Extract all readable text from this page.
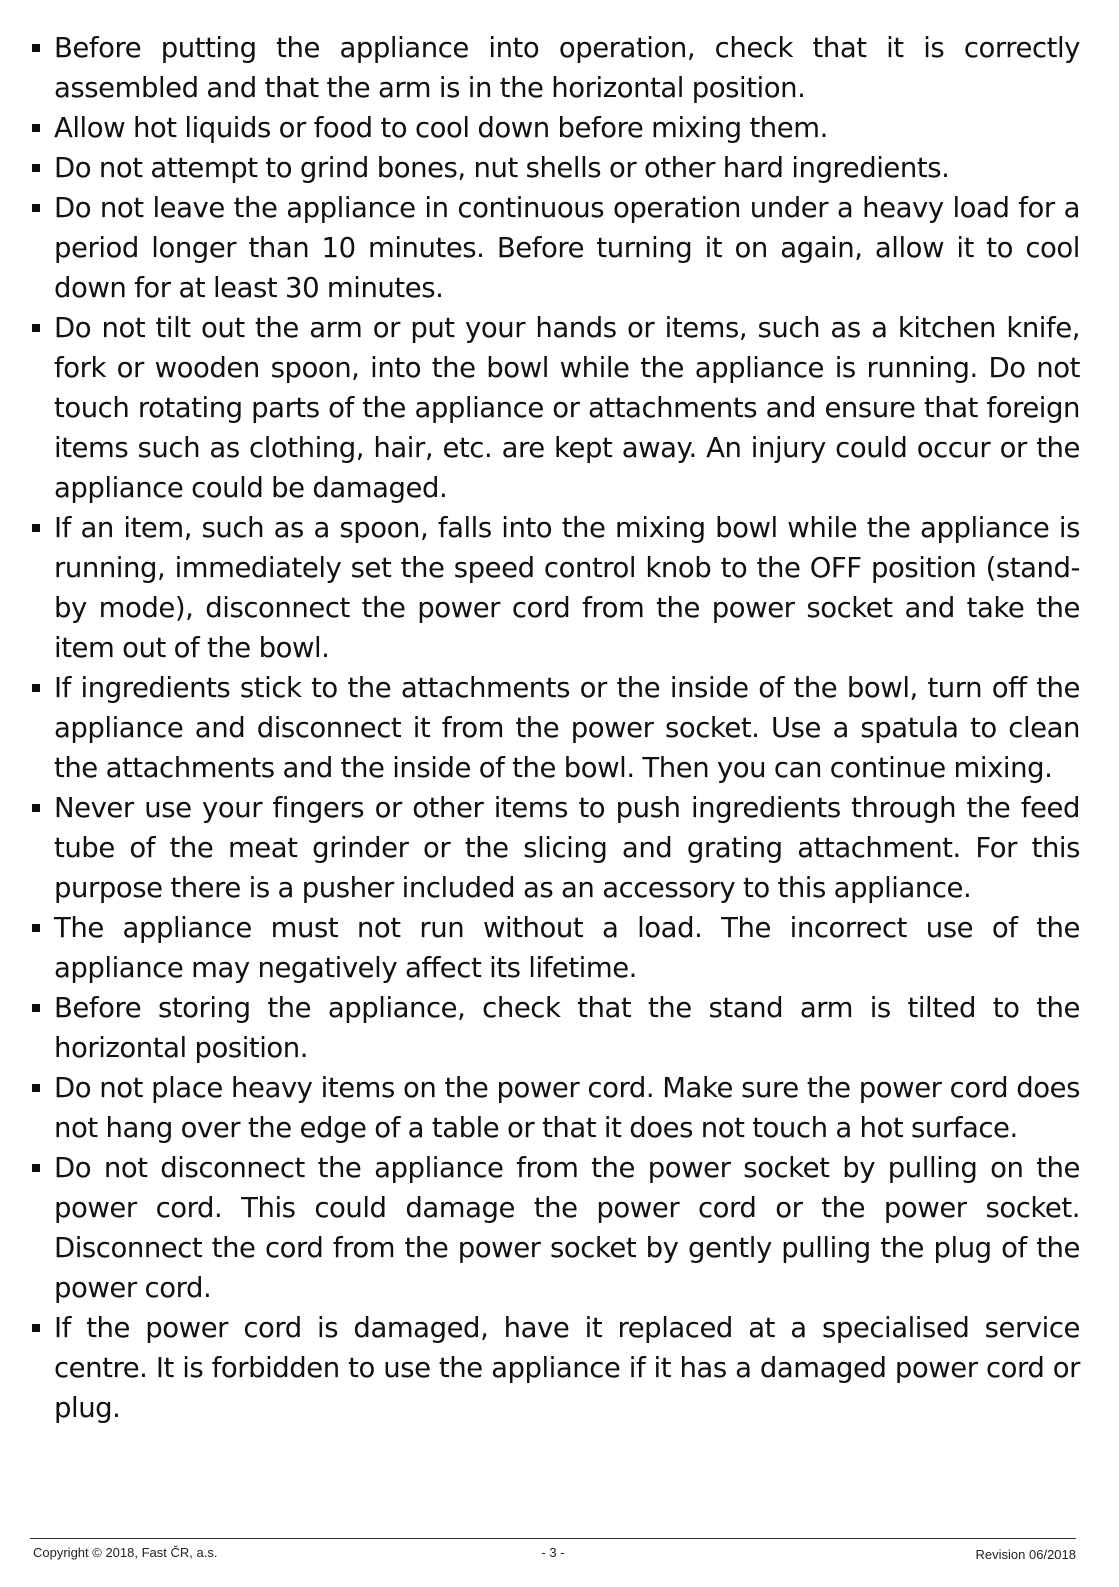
Before putting the appliance into operation, check that it is correctly assembled and that the arm is in the horizontal position.
Allow hot liquids or food to cool down before mixing them.
Do not attempt to grind bones, nut shells or other hard ingredients.
Do not leave the appliance in continuous operation under a heavy load for a period longer than 10 minutes. Before turning it on again, allow it to cool down for at least 30 minutes.
Do not tilt out the arm or put your hands or items, such as a kitchen knife, fork or wooden spoon, into the bowl while the appliance is running. Do not touch rotating parts of the appliance or attachments and ensure that foreign items such as clothing, hair, etc. are kept away. An injury could occur or the appliance could be damaged.
If an item, such as a spoon, falls into the mixing bowl while the appliance is running, immediately set the speed control knob to the OFF position (stand-by mode), disconnect the power cord from the power socket and take the item out of the bowl.
If ingredients stick to the attachments or the inside of the bowl, turn off the appliance and disconnect it from the power socket. Use a spatula to clean the attachments and the inside of the bowl. Then you can continue mixing.
Never use your fingers or other items to push ingredients through the feed tube of the meat grinder or the slicing and grating attachment. For this purpose there is a pusher included as an accessory to this appliance.
The appliance must not run without a load. The incorrect use of the appliance may negatively affect its lifetime.
Before storing the appliance, check that the stand arm is tilted to the horizontal position.
Do not place heavy items on the power cord. Make sure the power cord does not hang over the edge of a table or that it does not touch a hot surface.
Do not disconnect the appliance from the power socket by pulling on the power cord. This could damage the power cord or the power socket. Disconnect the cord from the power socket by gently pulling the plug of the power cord.
If the power cord is damaged, have it replaced at a specialised service centre. It is forbidden to use the appliance if it has a damaged power cord or plug.
Copyright © 2018, Fast ČR, a.s.	- 3 -	Revision 06/2018
